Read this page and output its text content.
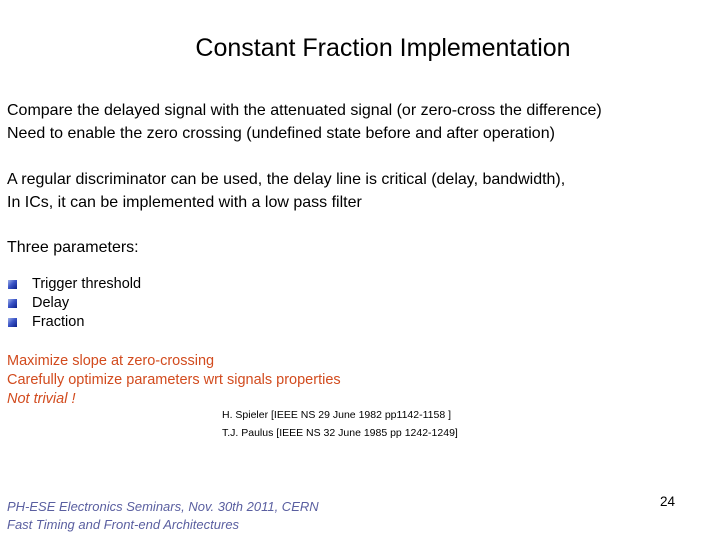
Constant Fraction Implementation
Compare the delayed signal with the attenuated signal (or zero-cross the difference)
Need to enable the zero crossing (undefined state before and after operation)
A regular discriminator can be used, the delay line is critical (delay, bandwidth),
In ICs, it can be implemented with a low pass filter
Three parameters:
Trigger threshold
Delay
Fraction
Maximize slope at zero-crossing
Carefully optimize parameters wrt signals properties
Not trivial !
H. Spieler [IEEE NS 29 June 1982 pp1142-1158 ]
T.J. Paulus [IEEE NS 32 June 1985 pp 1242-1249]
PH-ESE Electronics Seminars, Nov. 30th 2011, CERN
Fast Timing and Front-end Architectures
24
